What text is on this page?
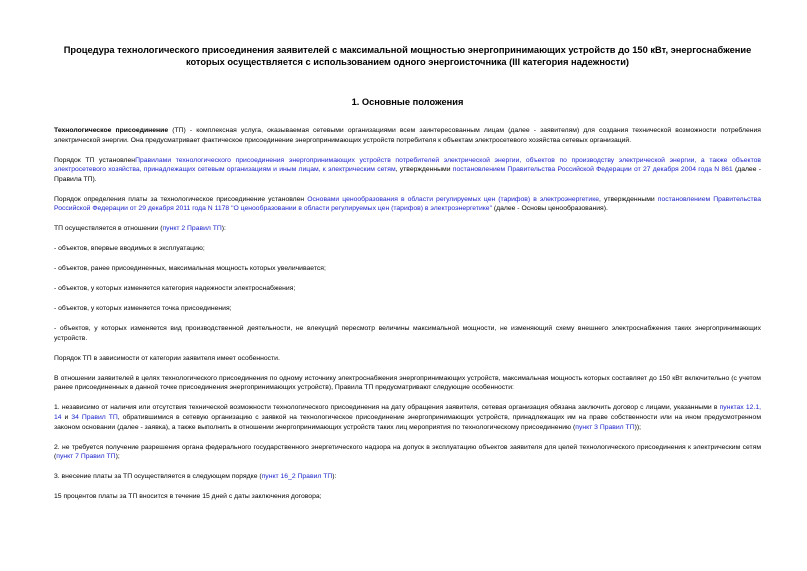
Процедура технологического присоединения заявителей с максимальной мощностью энергопринимающих устройств до 150 кВт, энергоснабжение которых осуществляется с использованием одного энергоисточника (III категория надежности)
1. Основные положения

Технологическое присоединение (ТП) - комплексная услуга, оказываемая сетевыми организациями всем заинтересованным лицам (далее - заявителям) для создания технической возможности потребления электрической энергии. Она предусматривает фактическое присоединение энергопринимающих устройств потребителя к объектам электросетевого хозяйства сетевых организаций.

Порядок ТП установленПравилами технологического присоединения энергопринимающих устройств потребителей электрической энергии, объектов по производству электрической энергии, а также объектов электросетевого хозяйства, принадлежащих сетевым организациям и иным лицам, к электрическим сетям, утвержденными постановлением Правительства Российской Федерации от 27 декабря 2004 года N 861 (далее - Правила ТП).

Порядок определения платы за технологическое присоединение установлен Основами ценообразования в области регулируемых цен (тарифов) в электроэнергетике, утвержденными постановлением Правительства Российской Федерации от 29 декабря 2011 года N 1178 "О ценообразовании в области регулируемых цен (тарифов) в электроэнергетике" (далее - Основы ценообразования).

ТП осуществляется в отношении (пункт 2 Правил ТП):

- объектов, впервые вводимых в эксплуатацию;

- объектов, ранее присоединенных, максимальная мощность которых увеличивается;

- объектов, у которых изменяется категория надежности электроснабжения;

- объектов, у которых изменяется точка присоединения;

- объектов, у которых изменяется вид производственной деятельности, не влекущий пересмотр величины максимальной мощности, не изменяющий схему внешнего электроснабжения таких энергопринимающих устройств.

Порядок ТП в зависимости от категории заявителя имеет особенности.

В отношении заявителей в целях технологического присоединения по одному источнику электроснабжения энергопринимающих устройств, максимальная мощность которых составляет до 150 кВт включительно (с учетом ранее присоединенных в данной точке присоединения энергопринимающих устройств), Правила ТП предусматривают следующие особенности:

1. независимо от наличия или отсутствия технической возможности технологического присоединения на дату обращения заявителя, сетевая организация обязана заключить договор с лицами, указанными в пунктах 12.1, 14 и 34 Правил ТП, обратившимися в сетевую организацию с заявкой на технологическое присоединение энергопринимающих устройств, принадлежащих им на праве собственности или на ином предусмотренном законом основании (далее - заявка), а также выполнить в отношении энергопринимающих устройств таких лиц мероприятия по технологическому присоединению (пункт 3 Правил ТП));

2. не требуется получение разрешения органа федерального государственного энергетического надзора на допуск в эксплуатацию объектов заявителя для целей технологического присоединения к электрическим сетям (пункт 7 Правил ТП);

3. внесение платы за ТП осуществляется в следующем порядке (пункт 16_2 Правил ТП):

15 процентов платы за ТП вносится в течение 15 дней с даты заключения договора;
